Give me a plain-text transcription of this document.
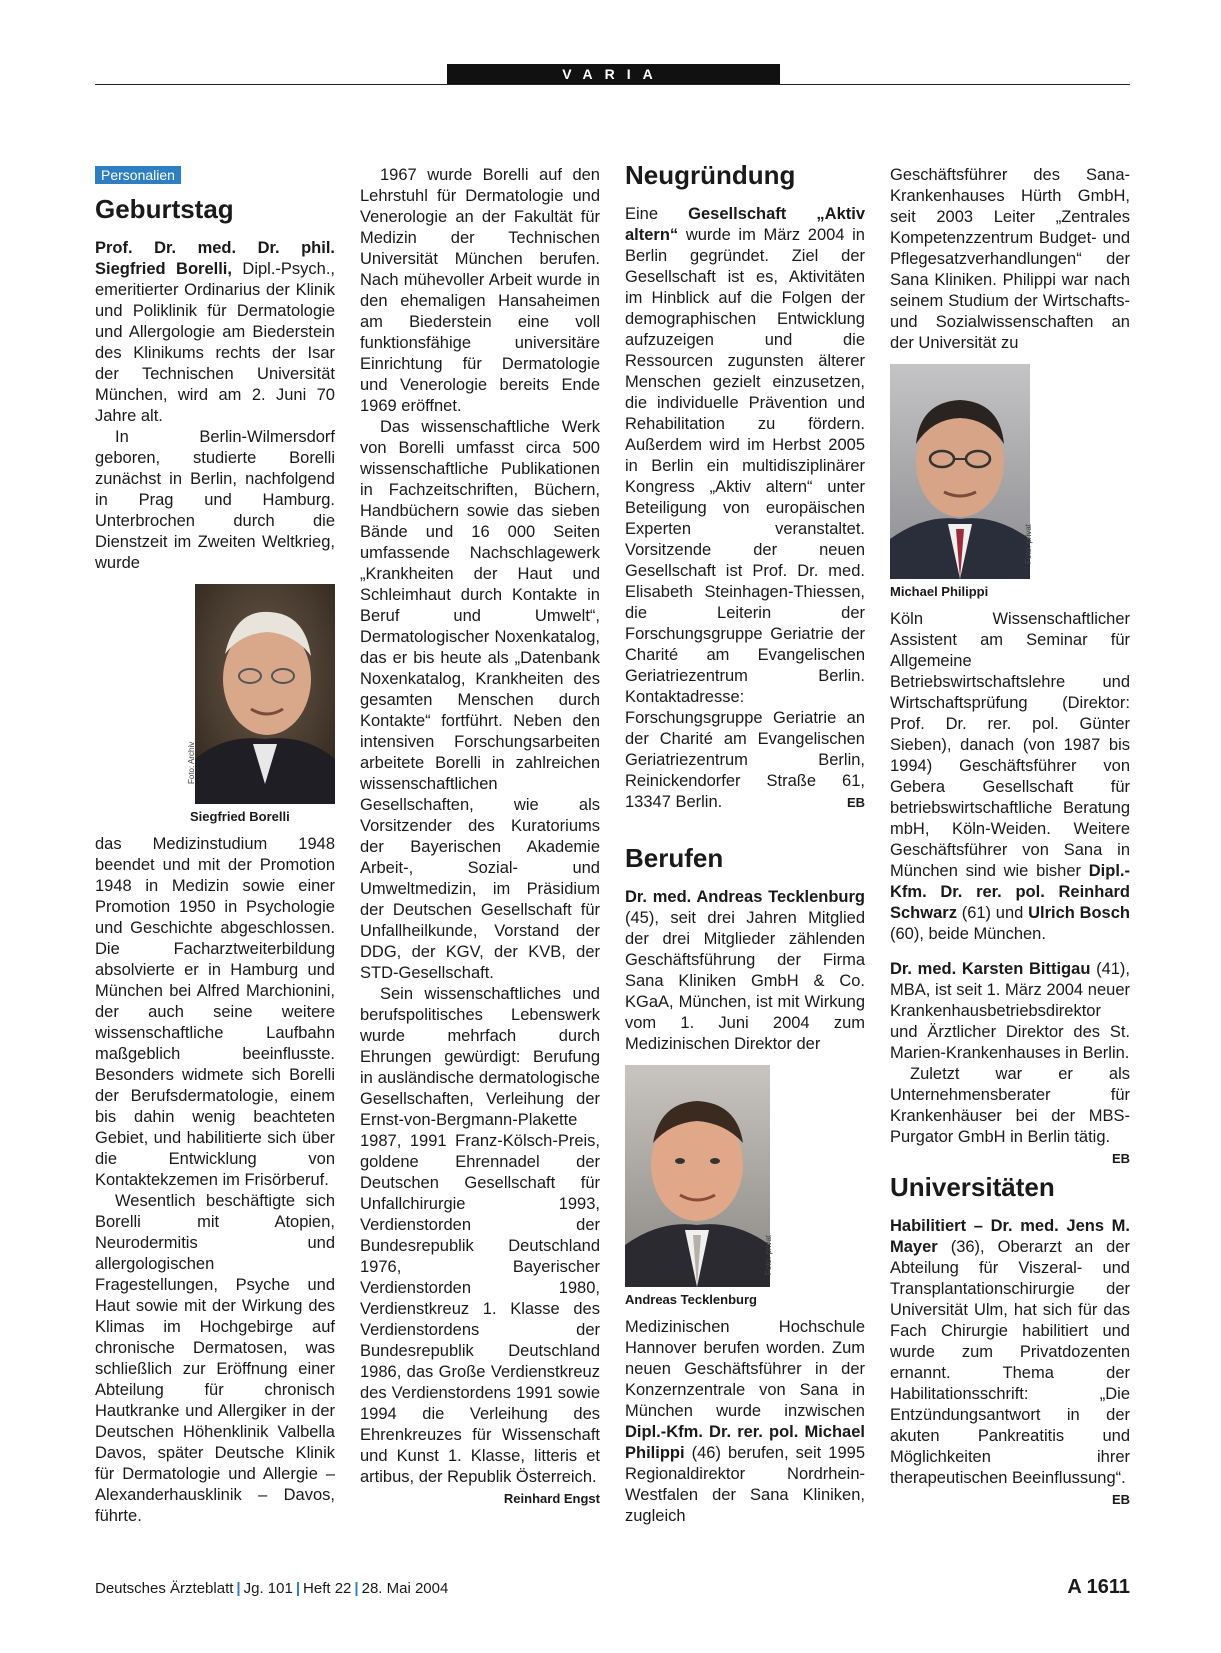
VARIA
Personalien
Geburtstag

Prof. Dr. med. Dr. phil. Siegfried Borelli, Dipl.-Psych., emeritierter Ordinarius der Klinik und Poliklinik für Dermatologie und Allergologie am Biederstein des Klinikums rechts der Isar der Technischen Universität München, wird am 2. Juni 70 Jahre alt.

In Berlin-Wilmersdorf geboren, studierte Borelli zunächst in Berlin, nachfolgend in Prag und Hamburg. Unterbrochen durch die Dienstzeit im Zweiten Weltkrieg, wurde

Foto: Archiv
Siegfried Borelli

das Medizinstudium 1948 beendet und mit der Promotion 1948 in Medizin sowie einer Promotion 1950 in Psychologie und Geschichte abgeschlossen. Die Facharztweiterbildung absolvierte er in Hamburg und München bei Alfred Marchionini, der auch seine weitere wissenschaftliche Laufbahn maßgeblich beeinflusste. Besonders widmete sich Borelli der Berufsdermatologie, einem bis dahin wenig beachteten Gebiet, und habilitierte sich über die Entwicklung von Kontaktekzemen im Frisörberuf.

Wesentlich beschäftigte sich Borelli mit Atopien, Neurodermitis und allergologischen Fragestellungen, Psyche und Haut sowie mit der Wirkung des Klimas im Hochgebirge auf chronische Dermatosen, was schließlich zur Eröffnung einer Abteilung für chronisch Hautkranke und Allergiker in der Deutschen Höhenklinik Valbella Davos, später Deutsche Klinik für Dermatologie und Allergie – Alexanderhausklinik – Davos, führte.

1967 wurde Borelli auf den Lehrstuhl für Dermatologie und Venerologie an der Fakultät für Medizin der Technischen Universität München berufen. Nach mühevoller Arbeit wurde in den ehemaligen Hansaheimen am Biederstein eine voll funktionsfähige universitäre Einrichtung für Dermatologie und Venerologie bereits Ende 1969 eröffnet.

Das wissenschaftliche Werk von Borelli umfasst circa 500 wissenschaftliche Publikationen in Fachzeitschriften, Büchern, Handbüchern sowie das sieben Bände und 16 000 Seiten umfassende Nachschlagewerk „Krankheiten der Haut und Schleimhaut durch Kontakte in Beruf und Umwelt“, Dermatologischer Noxenkatalog, das er bis heute als „Datenbank Noxenkatalog, Krankheiten des gesamten Menschen durch Kontakte“ fortführt. Neben den intensiven Forschungsarbeiten arbeitete Borelli in zahlreichen wissenschaftlichen Gesellschaften, wie als Vorsitzender des Kuratoriums der Bayerischen Akademie Arbeit-, Sozial- und Umweltmedizin, im Präsidium der Deutschen Gesellschaft für Unfallheilkunde, Vorstand der DDG, der KGV, der KVB, der STD-Gesellschaft.

Sein wissenschaftliches und berufspolitisches Lebenswerk wurde mehrfach durch Ehrungen gewürdigt: Berufung in ausländische dermatologische Gesellschaften, Verleihung der Ernst-von-Bergmann-Plakette 1987, 1991 Franz-Kölsch-Preis, goldene Ehrennadel der Deutschen Gesellschaft für Unfallchirurgie 1993, Verdienstorden der Bundesrepublik Deutschland 1976, Bayerischer Verdienstorden 1980, Verdienstkreuz 1. Klasse des Verdienstordens der Bundesrepublik Deutschland 1986, das Große Verdienstkreuz des Verdienstordens 1991 sowie 1994 die Verleihung des Ehrenkreuzes für Wissenschaft und Kunst 1. Klasse, litteris et artibus, der Republik Österreich.
Reinhard Engst

Neugründung

Eine Gesellschaft „Aktiv altern“ wurde im März 2004 in Berlin gegründet. Ziel der Gesellschaft ist es, Aktivitäten im Hinblick auf die Folgen der demographischen Entwicklung aufzuzeigen und die Ressourcen zugunsten älterer Menschen gezielt einzusetzen, die individuelle Prävention und Rehabilitation zu fördern. Außerdem wird im Herbst 2005 in Berlin ein multidisziplinärer Kongress „Aktiv altern“ unter Beteiligung von europäischen Experten veranstaltet. Vorsitzende der neuen Gesellschaft ist Prof. Dr. med. Elisabeth Steinhagen-Thiessen, die Leiterin der Forschungsgruppe Geriatrie der Charité am Evangelischen Geriatriezentrum Berlin. Kontaktadresse: Forschungsgruppe Geriatrie an der Charité am Evangelischen Geriatriezentrum Berlin, Reinickendorfer Straße 61, 13347 Berlin.	EB

Berufen

Dr. med. Andreas Tecklenburg (45), seit drei Jahren Mitglied der drei Mitglieder zählenden Geschäftsführung der Firma Sana Kliniken GmbH & Co. KGaA, München, ist mit Wirkung vom 1. Juni 2004 zum Medizinischen Direktor der

Foto: privat
Andreas Tecklenburg

Medizinischen Hochschule Hannover berufen worden. Zum neuen Geschäftsführer in der Konzernzentrale von Sana in München wurde inzwischen Dipl.-Kfm. Dr. rer. pol. Michael Philippi (46) berufen, seit 1995 Regionaldirektor Nordrhein-Westfalen der Sana Kliniken, zugleich

Geschäftsführer des Sana-Krankenhauses Hürth GmbH, seit 2003 Leiter „Zentrales Kompetenzzentrum Budget- und Pflegesatzverhandlungen“ der Sana Kliniken. Philippi war nach seinem Studium der Wirtschafts- und Sozialwissenschaften an der Universität zu

Foto: privat
Michael Philippi

Köln Wissenschaftlicher Assistent am Seminar für Allgemeine Betriebswirtschaftslehre und Wirtschaftsprüfung (Direktor: Prof. Dr. rer. pol. Günter Sieben), danach (von 1987 bis 1994) Geschäftsführer von Gebera Gesellschaft für betriebswirtschaftliche Beratung mbH, Köln-Weiden. Weitere Geschäftsführer von Sana in München sind wie bisher Dipl.-Kfm. Dr. rer. pol. Reinhard Schwarz (61) und Ulrich Bosch (60), beide München.

Dr. med. Karsten Bittigau (41), MBA, ist seit 1. März 2004 neuer Krankenhausbetriebsdirektor und Ärztlicher Direktor des St. Marien-Krankenhauses in Berlin.

Zuletzt war er als Unternehmensberater für Krankenhäuser bei der MBS-Purgator GmbH in Berlin tätig.
EB

Universitäten

Habilitiert – Dr. med. Jens M. Mayer (36), Oberarzt an der Abteilung für Viszeral- und Transplantationschirurgie der Universität Ulm, hat sich für das Fach Chirurgie habilitiert und wurde zum Privatdozenten ernannt. Thema der Habilitationsschrift: „Die Entzündungsantwort in der akuten Pankreatitis und Möglichkeiten ihrer therapeutischen Beeinflussung“.
EB

Deutsches Ärzteblatt | Jg. 101 | Heft 22 | 28. Mai 2004	A 1611
